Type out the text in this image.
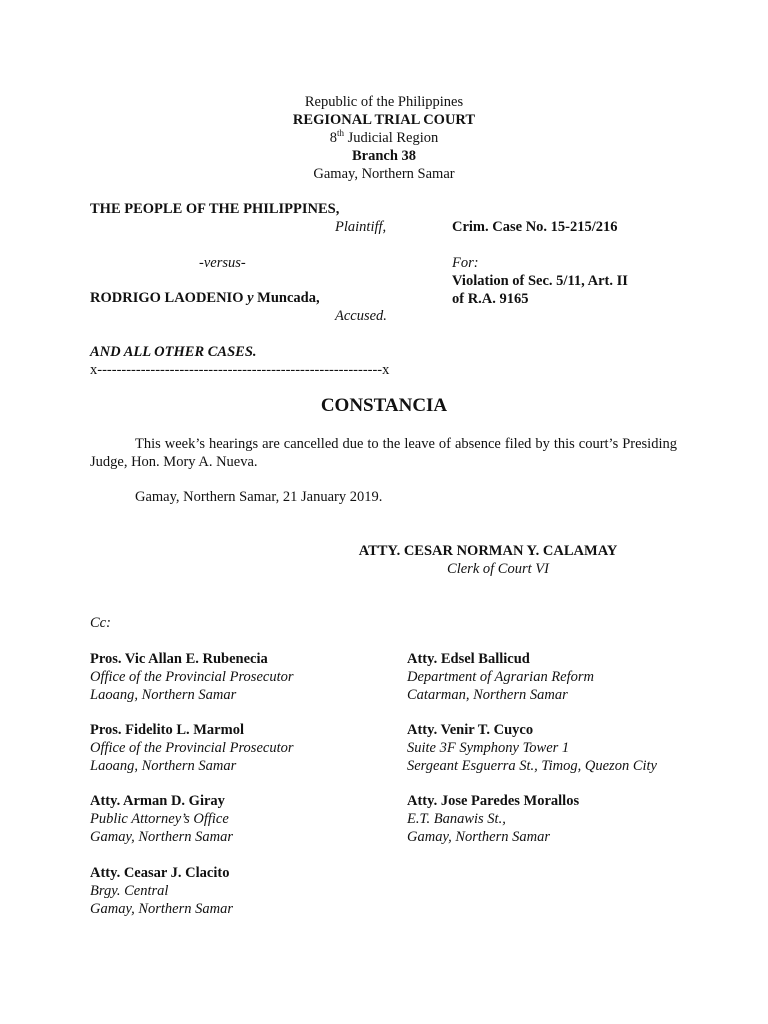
Republic of the Philippines
REGIONAL TRIAL COURT
8th Judicial Region
Branch 38
Gamay, Northern Samar
THE PEOPLE OF THE PHILIPPINES,
Plaintiff,
-versus-
RODRIGO LAODENIO y Muncada,
Accused.
AND ALL OTHER CASES.
x-----------------------------------------------------------x
Crim. Case No. 15-215/216
For:
Violation of Sec. 5/11, Art. II
of R.A. 9165
CONSTANCIA
This week’s hearings are cancelled due to the leave of absence filed by this court’s Presiding Judge, Hon. Mory A. Nueva.
Gamay, Northern Samar, 21 January 2019.
ATTY. CESAR NORMAN Y. CALAMAY
Clerk of Court VI
Cc:
Pros. Vic Allan E. Rubenecia
Office of the Provincial Prosecutor
Laoang, Northern Samar
Pros. Fidelito L. Marmol
Office of the Provincial Prosecutor
Laoang, Northern Samar
Atty. Arman D. Giray
Public Attorney’s Office
Gamay, Northern Samar
Atty. Ceasar J. Clacito
Brgy. Central
Gamay, Northern Samar
Atty. Edsel Ballicud
Department of Agrarian Reform
Catarman, Northern Samar
Atty. Venir T. Cuyco
Suite 3F Symphony Tower 1
Sergeant Esguerra St., Timog, Quezon City
Atty. Jose Paredes Morallos
E.T. Banawis St.,
Gamay, Northern Samar
